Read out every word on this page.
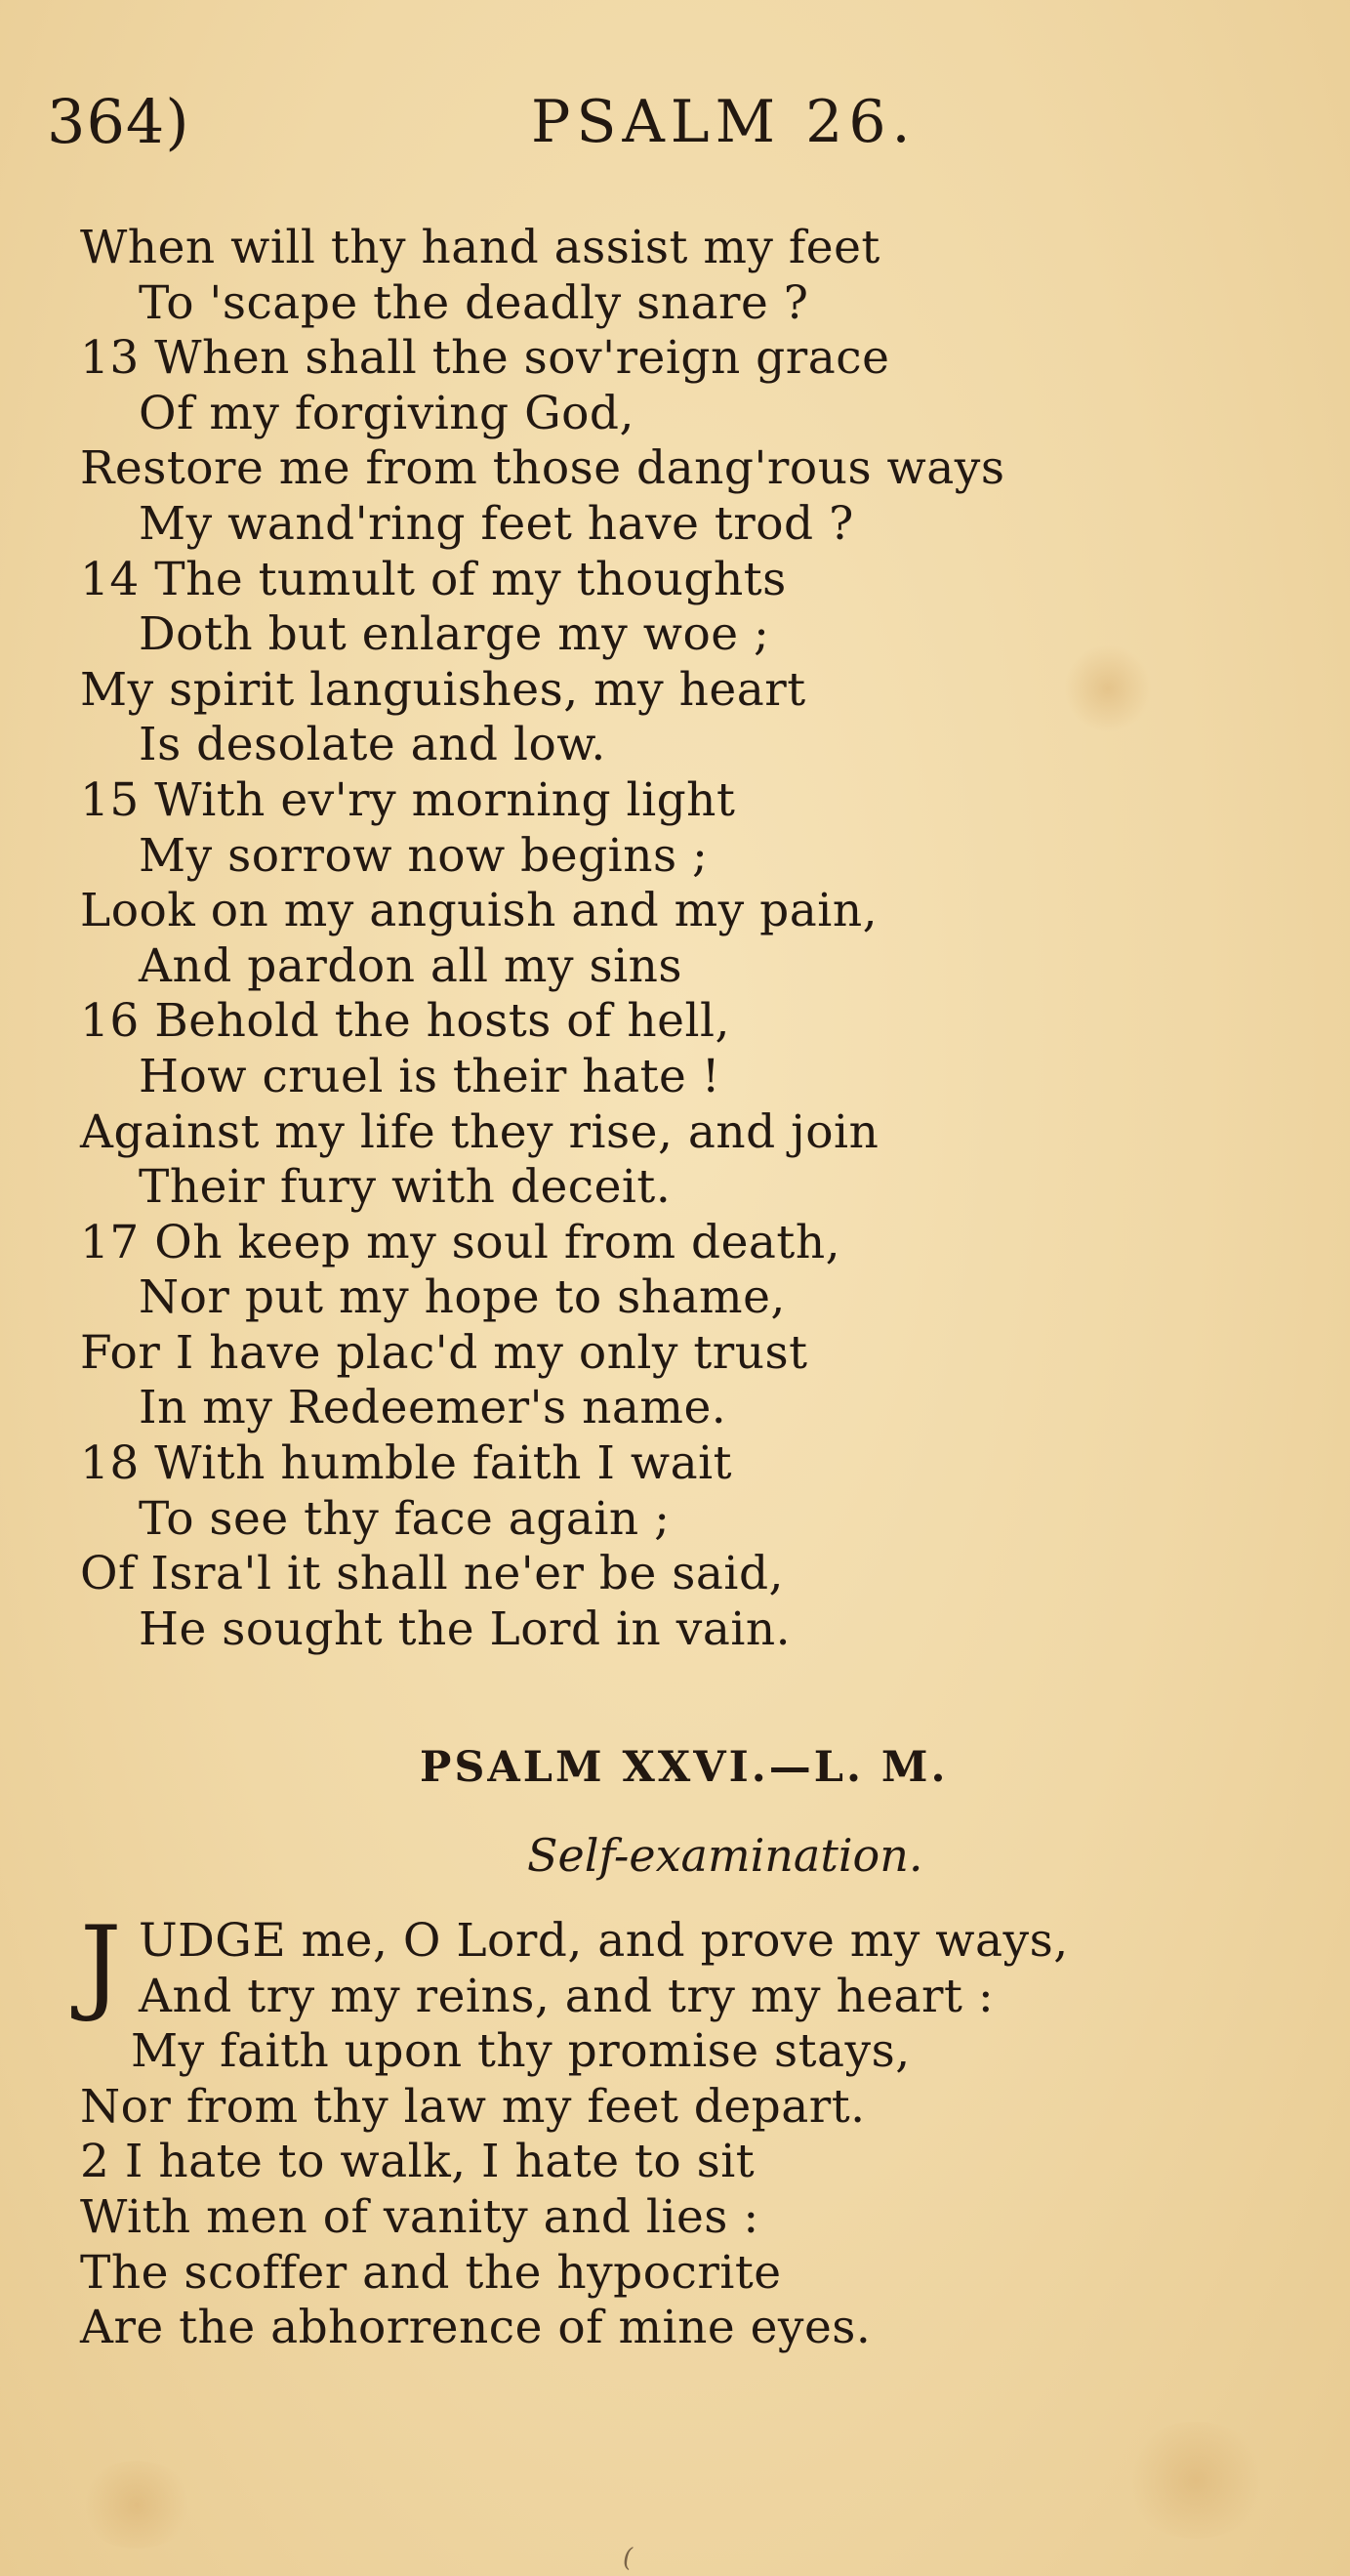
364)	PSALM 26.
When will thy hand assist my feet
To 'scape the deadly snare ?
13 When shall the sov'reign grace
Of my forgiving God,
Restore me from those dang'rous ways
My wand'ring feet have trod ?
14 The tumult of my thoughts
Doth but enlarge my woe ;
My spirit languishes, my heart
Is desolate and low.
15 With ev'ry morning light
My sorrow now begins ;
Look on my anguish and my pain,
And pardon all my sins
16 Behold the hosts of hell,
How cruel is their hate !
Against my life they rise, and join
Their fury with deceit.
17 Oh keep my soul from death,
Nor put my hope to shame,
For I have plac'd my only trust
In my Redeemer's name.
18 With humble faith I wait
To see thy face again ;
Of Isra'l it shall ne'er be said,
He sought the Lord in vain.
PSALM XXVI.—L. M.
Self-examination.
J UDGE me, O Lord, and prove my ways,
And try my reins, and try my heart :
My faith upon thy promise stays,
Nor from thy law my feet depart.
2 I hate to walk, I hate to sit
With men of vanity and lies :
The scoffer and the hypocrite
Are the abhorrence of mine eyes.
(
